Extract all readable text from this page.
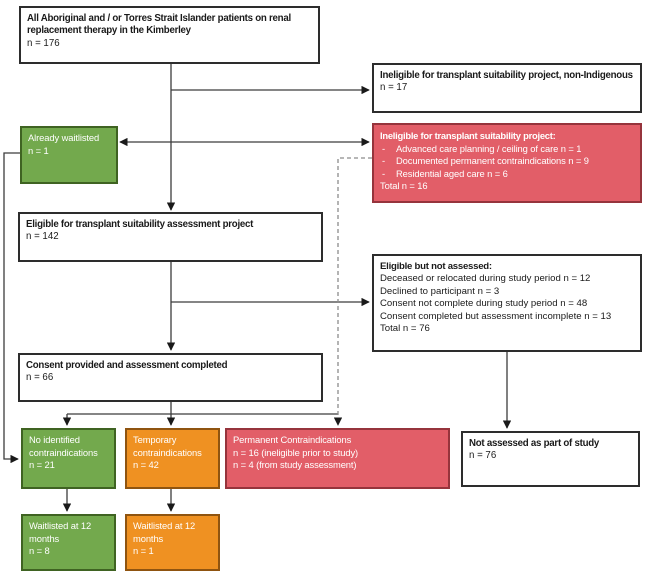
All Aboriginal and / or Torres Strait Islander patients on renal replacement therapy in the Kimberley
n = 176
Ineligible for transplant suitability project, non-Indigenous
n = 17
Already waitlisted
n = 1
Ineligible for transplant suitability project:
-	Advanced care planning / ceiling of care n = 1
-	Documented permanent contraindications n = 9
-	Residential aged care n = 6
Total n = 16
Eligible for transplant suitability assessment project
n = 142
Eligible but not assessed:
Deceased or relocated during study period n = 12
Declined to participant n = 3
Consent not complete during study period n = 48
Consent completed but assessment incomplete n = 13
Total n = 76
Consent provided and assessment completed
n = 66
No identified contraindications
n = 21
Temporary contraindications
n = 42
Permanent Contraindications
n = 16 (ineligible prior to study)
n = 4 (from study assessment)
Not assessed as part of study
n = 76
Waitlisted at 12 months
n = 8
Waitlisted at 12 months
n = 1
